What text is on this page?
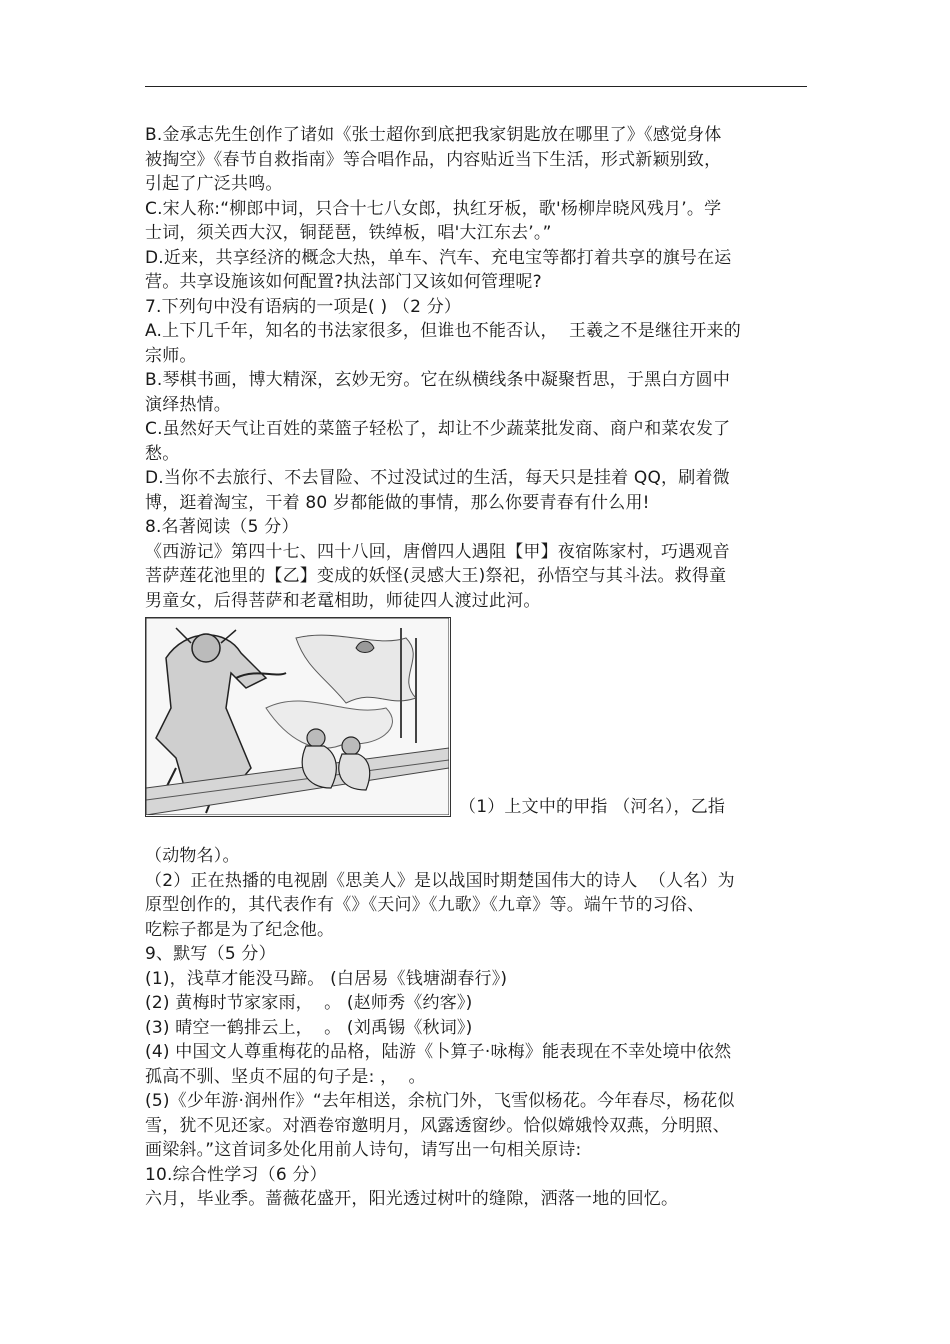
B.金承志先生创作了诸如《张士超你到底把我家钥匙放在哪里了》《感觉身体

被掏空》《春节自救指南》等合唱作品，内容贴近当下生活，形式新颖别致，

引起了广泛共鸣。

C.宋人称:“柳郎中词，只合十七八女郎，执红牙板，歌'杨柳岸晓风残月’。学

士词，须关西大汉，铜琵琶，铁绰板，唱'大江东去’。”

D.近来，共享经济的概念大热，单车、汽车、充电宝等都打着共享的旗号在运

营。共享设施该如何配置?执法部门又该如何管理呢?

7.下列句中没有语病的一项是( ) （2 分）

A.上下几千年，知名的书法家很多，但谁也不能否认，  王羲之不是继往开来的

宗师。

B.琴棋书画，博大精深，玄妙无穷。它在纵横线条中凝聚哲思，于黑白方圆中

演绎热情。

C.虽然好天气让百姓的菜篮子轻松了，却让不少蔬菜批发商、商户和菜农发了

愁。

D.当你不去旅行、不去冒险、不过没试过的生活，每天只是挂着 QQ，刷着微

博，逛着淘宝，干着 80 岁都能做的事情，那么你要青春有什么用!

8.名著阅读（5 分）

《西游记》第四十七、四十八回，唐僧四人遇阻【甲】夜宿陈家村，巧遇观音

菩萨莲花池里的【乙】变成的妖怪(灵感大王)祭祀，孙悟空与其斗法。救得童

男童女，后得菩萨和老鼋相助，师徒四人渡过此河。

（1）上文中的甲指 （河名），乙指

（动物名）。

（2）正在热播的电视剧《思美人》是以战国时期楚国伟大的诗人  （人名）为

原型创作的，其代表作有《》《天问》《九歌》《九章》等。端午节的习俗、

吃粽子都是为了纪念他。

9、默写（5 分）

(1)，浅草才能没马蹄。 (白居易《钱塘湖春行》)

(2) 黄梅时节家家雨，  。 (赵师秀《约客》)

(3) 晴空一鹤排云上，  。 (刘禹锡《秋词》)

(4) 中国文人尊重梅花的品格，陆游《卜算子·咏梅》能表现在不幸处境中依然

孤高不驯、坚贞不屈的句子是: ，  。

(5)《少年游·润州作》“去年相送，余杭门外，飞雪似杨花。今年春尽，杨花似

雪，犹不见还家。对酒卷帘邀明月，风露透窗纱。恰似嫦娥怜双燕，分明照、

画梁斜。”这首词多处化用前人诗句，请写出一句相关原诗:

10.综合性学习（6 分）

六月，毕业季。蔷薇花盛开，阳光透过树叶的缝隙，洒落一地的回忆。
